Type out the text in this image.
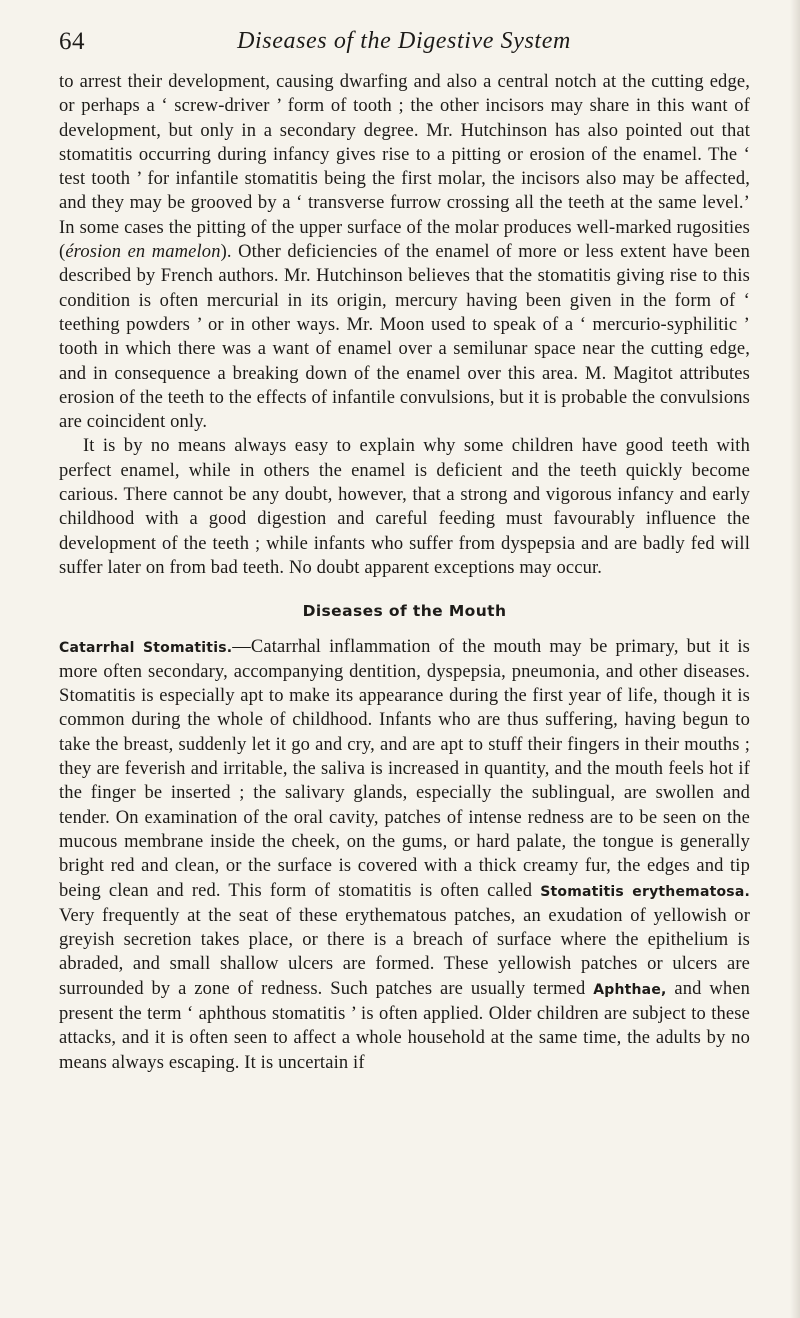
64	Diseases of the Digestive System

to arrest their development, causing dwarfing and also a central notch at the cutting edge, or perhaps a ‘ screw-driver ’ form of tooth ; the other incisors may share in this want of development, but only in a secondary degree. Mr. Hutchinson has also pointed out that stomatitis occurring during infancy gives rise to a pitting or erosion of the enamel. The ‘ test tooth ’ for infantile stomatitis being the first molar, the incisors also may be affected, and they may be grooved by a ‘ transverse furrow crossing all the teeth at the same level.’ In some cases the pitting of the upper surface of the molar produces well-marked rugosities (érosion en mamelon). Other deficiencies of the enamel of more or less extent have been described by French authors. Mr. Hutchinson believes that the stomatitis giving rise to this condition is often mercurial in its origin, mercury having been given in the form of ‘ teething powders ’ or in other ways. Mr. Moon used to speak of a ‘ mercurio-syphilitic ’ tooth in which there was a want of enamel over a semilunar space near the cutting edge, and in consequence a breaking down of the enamel over this area. M. Magitot attributes erosion of the teeth to the effects of infantile convulsions, but it is probable the convulsions are coincident only.

It is by no means always easy to explain why some children have good teeth with perfect enamel, while in others the enamel is deficient and the teeth quickly become carious. There cannot be any doubt, however, that a strong and vigorous infancy and early childhood with a good digestion and careful feeding must favourably influence the development of the teeth ; while infants who suffer from dyspepsia and are badly fed will suffer later on from bad teeth. No doubt apparent exceptions may occur.

Diseases of the Mouth

Catarrhal Stomatitis.—Catarrhal inflammation of the mouth may be primary, but it is more often secondary, accompanying dentition, dyspepsia, pneumonia, and other diseases. Stomatitis is especially apt to make its appearance during the first year of life, though it is common during the whole of childhood. Infants who are thus suffering, having begun to take the breast, suddenly let it go and cry, and are apt to stuff their fingers in their mouths ; they are feverish and irritable, the saliva is increased in quantity, and the mouth feels hot if the finger be inserted ; the salivary glands, especially the sublingual, are swollen and tender. On examination of the oral cavity, patches of intense redness are to be seen on the mucous membrane inside the cheek, on the gums, or hard palate, the tongue is generally bright red and clean, or the surface is covered with a thick creamy fur, the edges and tip being clean and red. This form of stomatitis is often called Stomatitis erythematosa. Very frequently at the seat of these erythematous patches, an exudation of yellowish or greyish secretion takes place, or there is a breach of surface where the epithelium is abraded, and small shallow ulcers are formed. These yellowish patches or ulcers are surrounded by a zone of redness. Such patches are usually termed Aphthae, and when present the term ‘ aphthous stomatitis ’ is often applied. Older children are subject to these attacks, and it is often seen to affect a whole household at the same time, the adults by no means always escaping. It is uncertain if
